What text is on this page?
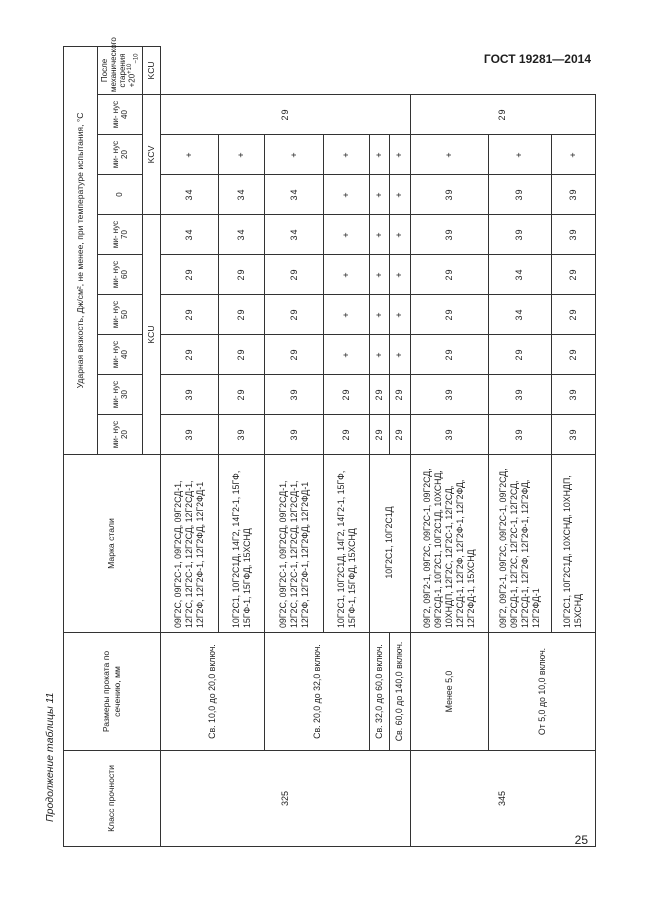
ГОСТ 19281—2014
Продолжение таблицы 11	Класс прочности	Размеры проката по сечению, мм	Марка стали	Ударная вязкость, Дж/см², не менее, при температуре испытания, °С									
			ми- нус 20	ми- нус 30	ми- нус 40	ми- нус 50	ми- нус 60	ми- нус 70	0	ми- нус 20	ми- нус 40	После механического старения $+20^{+10}_{-10}$
			KCU						KCV			KCU
325	Св. 10,0 до 20,0 включ.	09Г2С, 09Г2С-1, 09Г2СД, 09Г2СД-1, 12Г2С, 12Г2С-1, 12Г2СД, 12Г2СД-1, 12Г2Ф, 12Г2Ф-1, 12Г2ФД, 12Г2ФД-1	39	39	29	29	29	34	34	+	29	
		10Г2С1, 10Г2С1Д, 14Г2, 14Г2-1, 15ГФ, 15ГФ-1, 15ГФД, 15ХСНД	39	29	29	29	29	34	34	+		
	Св. 20,0 до 32,0 включ.	09Г2С, 09Г2С-1, 09Г2СД, 09Г2СД-1, 12Г2С, 12Г2С-1, 12Г2СД, 12Г2СД-1, 12Г2Ф, 12Г2Ф-1, 12Г2ФД, 12Г2ФД-1	39	39	29	29	29	34	34	+		
		10Г2С1, 10Г2С1Д, 14Г2, 14Г2-1, 15ГФ, 15ГФ-1, 15ГФД, 15ХСНД	29	29	+	+	+	+	+	+		
	Св. 32,0 до 60,0 включ.	10Г2С1, 10Г2С1Д	29	29	+	+	+	+	+	+		
	Св. 60,0 до 140,0 включ.		29	29	+	+	+	+	+	+		
345	Менее 5,0	09Г2, 09Г2-1, 09Г2С, 09Г2С-1, 09Г2СД, 09Г2СД-1, 10Г2С1, 10Г2С1Д, 10ХСНД, 10ХНДП, 12Г2С, 12Г2С-1, 12Г2СД, 12Г2СД-1, 12Г2Ф, 12Г2Ф-1, 12Г2ФД, 12Г2ФД-1, 15ХСНД	39	39	29	29	29	39	39	+	29	
	От 5,0 до 10,0 включ.	09Г2, 09Г2-1, 09Г2С, 09Г2С-1, 09Г2СД, 09Г2СД-1, 12Г2С, 12Г2С-1, 12Г2СД, 12Г2СД-1, 12Г2Ф, 12Г2Ф-1, 12Г2ФД, 12Г2ФД-1	39	39	29	34	34	39	39	+		
		10Г2С1, 10Г2С1Д, 10ХСНД, 10ХНДП, 15ХСНД	39	39	29	29	29	39	39	+		
25
